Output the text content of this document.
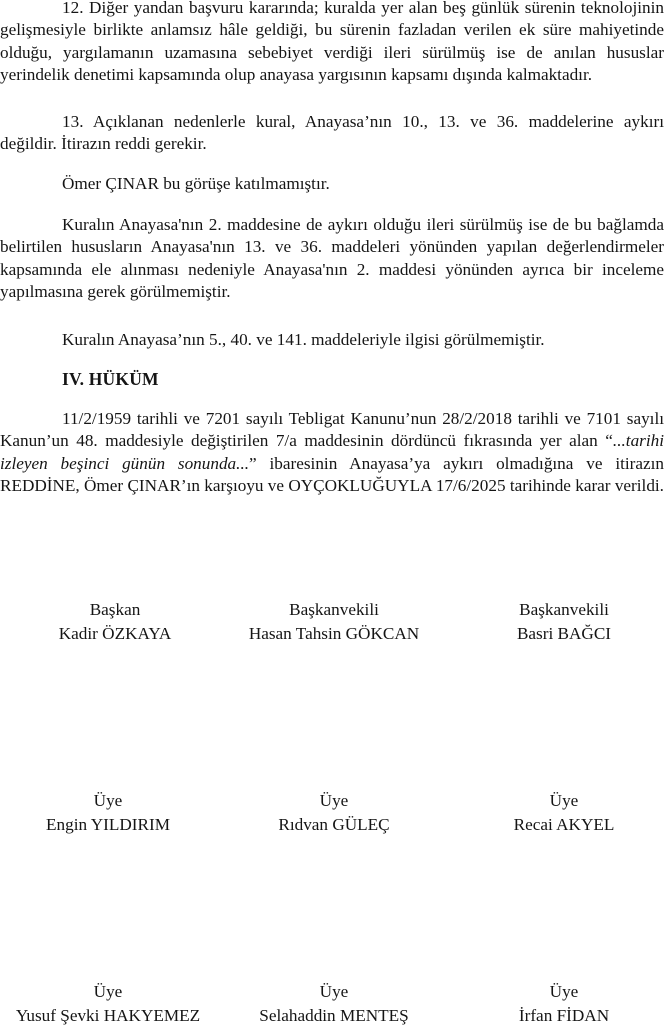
12. Diğer yandan başvuru kararında; kuralda yer alan beş günlük sürenin teknolojinin gelişmesiyle birlikte anlamsız hâle geldiği, bu sürenin fazladan verilen ek süre mahiyetinde olduğu, yargılamanın uzamasına sebebiyet verdiği ileri sürülmüş ise de anılan hususlar yerindelik denetimi kapsamında olup anayasa yargısının kapsamı dışında kalmaktadır.

13. Açıklanan nedenlerle kural, Anayasa’nın 10., 13. ve 36. maddelerine aykırı değildir. İtirazın reddi gerekir.

Ömer ÇINAR bu görüşe katılmamıştır.

Kuralın Anayasa'nın 2. maddesine de aykırı olduğu ileri sürülmüş ise de bu bağlamda belirtilen hususların Anayasa'nın 13. ve 36. maddeleri yönünden yapılan değerlendirmeler kapsamında ele alınması nedeniyle Anayasa'nın 2. maddesi yönünden ayrıca bir inceleme yapılmasına gerek görülmemiştir.

Kuralın Anayasa’nın 5., 40. ve 141. maddeleriyle ilgisi görülmemiştir.

IV. HÜKÜM

11/2/1959 tarihli ve 7201 sayılı Tebligat Kanunu’nun 28/2/2018 tarihli ve 7101 sayılı Kanun’un 48. maddesiyle değiştirilen 7/a maddesinin dördüncü fıkrasında yer alan “...tarihi izleyen beşinci günün sonunda...” ibaresinin Anayasa’ya aykırı olmadığına ve itirazın REDDİNE, Ömer ÇINAR’ın karşıoyu ve OYÇOKLUĞUYLA 17/6/2025 tarihinde karar verildi.

Başkan
Kadir ÖZKAYA
Başkanvekili
Hasan Tahsin GÖKCAN
Başkanvekili
Basri BAĞCI
Üye
Engin YILDIRIM
Üye
Rıdvan GÜLEÇ
Üye
Recai AKYEL
Üye
Yusuf Şevki HAKYEMEZ
Üye
Selahaddin MENTEŞ
Üye
İrfan FİDAN
